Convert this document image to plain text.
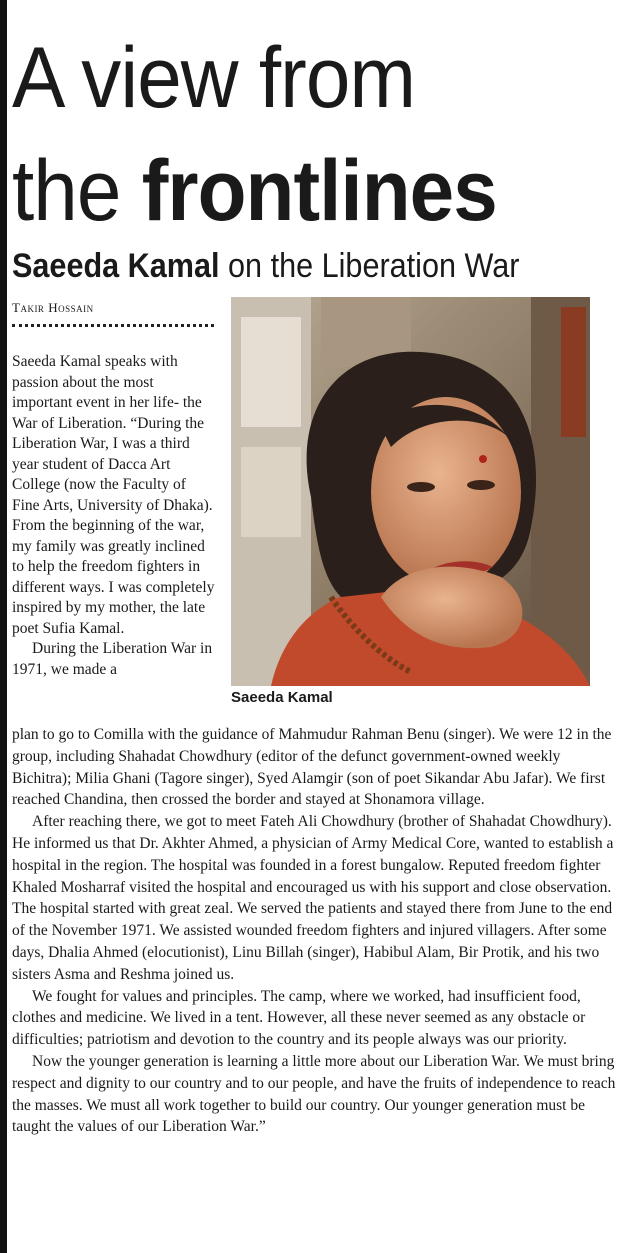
A view from
the frontlines
Saeeda Kamal on the Liberation War
Takir Hossain
Saeeda Kamal

Saeeda Kamal speaks with passion about the most important event in her life- the War of Liberation. “During the Liberation War, I was a third year student of Dacca Art College (now the Faculty of Fine Arts, University of Dhaka). From the beginning of the war, my family was greatly inclined to help the freedom fighters in different ways. I was completely inspired by my mother, the late poet Sufia Kamal.

During the Liberation War in 1971, we made a

plan to go to Comilla with the guidance of Mahmudur Rahman Benu (singer). We were 12 in the group, including Shahadat Chowdhury (editor of the defunct government-owned weekly Bichitra); Milia Ghani (Tagore singer), Syed Alamgir (son of poet Sikandar Abu Jafar). We first reached Chandina, then crossed the border and stayed at Shonamora village.

After reaching there, we got to meet Fateh Ali Chowdhury (brother of Shahadat Chowdhury). He informed us that Dr. Akhter Ahmed, a physician of Army Medical Core, wanted to establish a hospital in the region. The hospital was founded in a forest bungalow. Reputed freedom fighter Khaled Mosharraf visited the hospital and encouraged us with his support and close observation. The hospital started with great zeal. We served the patients and stayed there from June to the end of the November 1971. We assisted wounded freedom fighters and injured villagers. After some days, Dhalia Ahmed (elocutionist), Linu Billah (singer), Habibul Alam, Bir Protik, and his two sisters Asma and Reshma joined us.

We fought for values and principles. The camp, where we worked, had insufficient food, clothes and medicine. We lived in a tent. However, all these never seemed as any obstacle or difficulties; patriotism and devotion to the country and its people always was our priority.

Now the younger generation is learning a little more about our Liberation War. We must bring respect and dignity to our country and to our people, and have the fruits of independence to reach the masses. We must all work together to build our country. Our younger generation must be taught the values of our Liberation War.”
